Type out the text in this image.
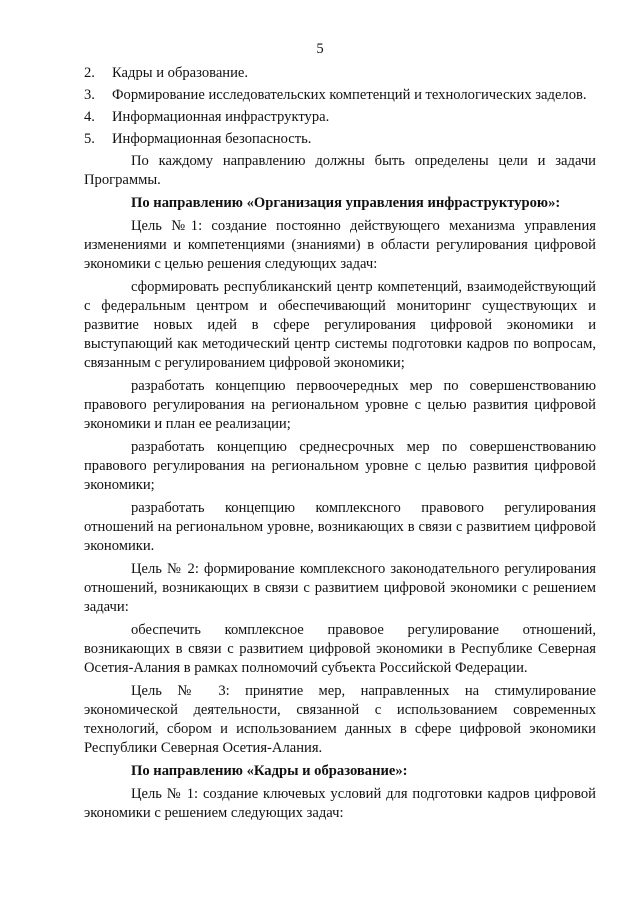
5
2. Кадры и образование.
3. Формирование исследовательских компетенций и технологических заделов.
4. Информационная инфраструктура.
5. Информационная безопасность.

По каждому направлению должны быть определены цели и задачи Программы.

По направлению «Организация управления инфраструктурою»:

Цель №1: создание постоянно действующего механизма управления изменениями и компетенциями (знаниями) в области регулирования цифровой экономики с целью решения следующих задач:

сформировать республиканский центр компетенций, взаимодействующий с федеральным центром и обеспечивающий мониторинг существующих и развитие новых идей в сфере регулирования цифровой экономики и выступающий как методический центр системы подготовки кадров по вопросам, связанным с регулированием цифровой экономики;

разработать концепцию первоочередных мер по совершенствованию правового регулирования на региональном уровне с целью развития цифровой экономики и план ее реализации;

разработать концепцию среднесрочных мер по совершенствованию правового регулирования на региональном уровне с целью развития цифровой экономики;

разработать концепцию комплексного правового регулирования отношений на региональном уровне, возникающих в связи с развитием цифровой экономики.

Цель № 2: формирование комплексного законодательного регулирования отношений, возникающих в связи с развитием цифровой экономики с решением задачи:

обеспечить комплексное правовое регулирование отношений, возникающих в связи с развитием цифровой экономики в Республике Северная Осетия-Алания в рамках полномочий субъекта Российской Федерации.

Цель № 3: принятие мер, направленных на стимулирование экономической деятельности, связанной с использованием современных технологий, сбором и использованием данных в сфере цифровой экономики Республики Северная Осетия-Алания.

По направлению «Кадры и образование»:

Цель № 1: создание ключевых условий для подготовки кадров цифровой экономики с решением следующих задач:
